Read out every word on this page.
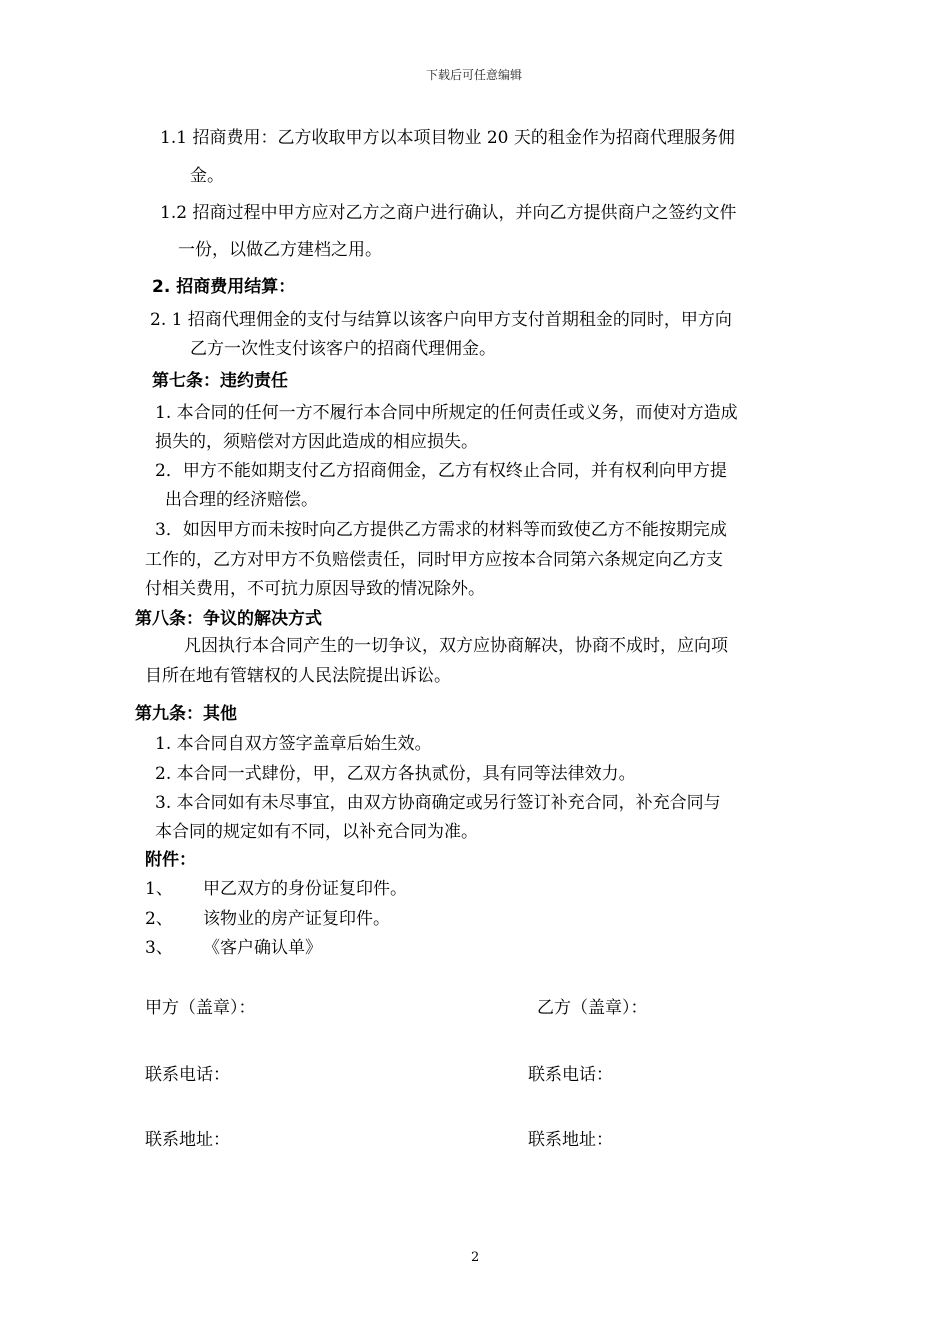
下载后可任意编辑
1.1 招商费用：乙方收取甲方以本项目物业 20 天的租金作为招商代理服务佣
金。
1.2 招商过程中甲方应对乙方之商户进行确认，并向乙方提供商户之签约文件
一份，以做乙方建档之用。
2. 招商费用结算：
2. 1 招商代理佣金的支付与结算以该客户向甲方支付首期租金的同时，甲方向
乙方一次性支付该客户的招商代理佣金。
第七条：违约责任
1. 本合同的任何一方不履行本合同中所规定的任何责任或义务，而使对方造成
损失的，须赔偿对方因此造成的相应损失。
2．甲方不能如期支付乙方招商佣金，乙方有权终止合同，并有权利向甲方提
出合理的经济赔偿。
3．如因甲方而未按时向乙方提供乙方需求的材料等而致使乙方不能按期完成
工作的，乙方对甲方不负赔偿责任，同时甲方应按本合同第六条规定向乙方支
付相关费用，不可抗力原因导致的情况除外。
第八条：争议的解决方式
凡因执行本合同产生的一切争议，双方应协商解决，协商不成时，应向项
目所在地有管辖权的人民法院提出诉讼。
第九条：其他
1. 本合同自双方签字盖章后始生效。
2. 本合同一式肆份，甲，乙双方各执贰份，具有同等法律效力。
3. 本合同如有未尽事宜，由双方协商确定或另行签订补充合同，补充合同与
本合同的规定如有不同，以补充合同为准。
附件：
1、 甲乙双方的身份证复印件。
2、 该物业的房产证复印件。
3、 《客户确认单》
甲方（盖章）：	乙方（盖章）：
联系电话：	联系电话：
联系地址：	联系地址：
2
